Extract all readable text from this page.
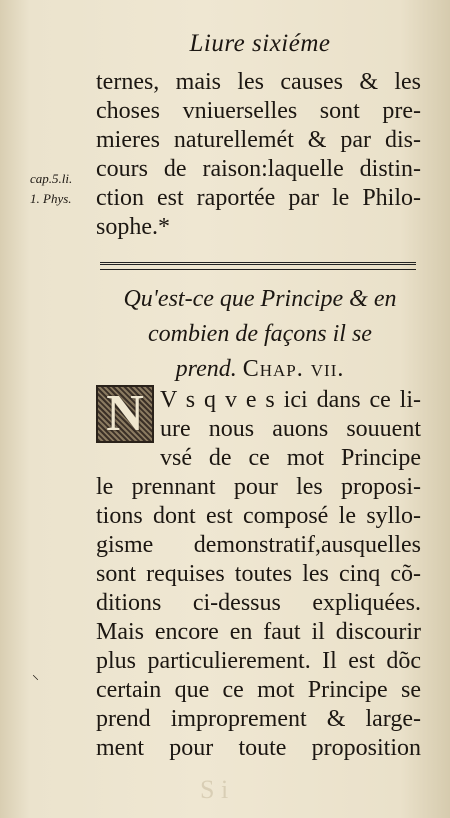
Liure sixiéme
cap.5.li.
1. Phys.
ternes, mais les causes & les
choses vniuerselles sont pre-
mieres naturellemét & par dis-
cours de raison:laquelle distin-
ction est raportée par le Philo-
sophe.*
Qu'est-ce que Principe & en
combien de façons il se
prend. Chap. vii.
N V s q v e s ici dans ce li-
ure nous auons souuent
vsé de ce mot Principe
le prennant pour les proposi-
tions dont est composé le syllo-
gisme demonstratif,ausquelles
sont requises toutes les cinq cõ-
ditions ci-dessus expliquées.
Mais encore en faut il discourir
plus particulierement. Il est dõc
certain que ce mot Principe se
prend improprement & large-
ment pour toute proposition
⸜
S i
